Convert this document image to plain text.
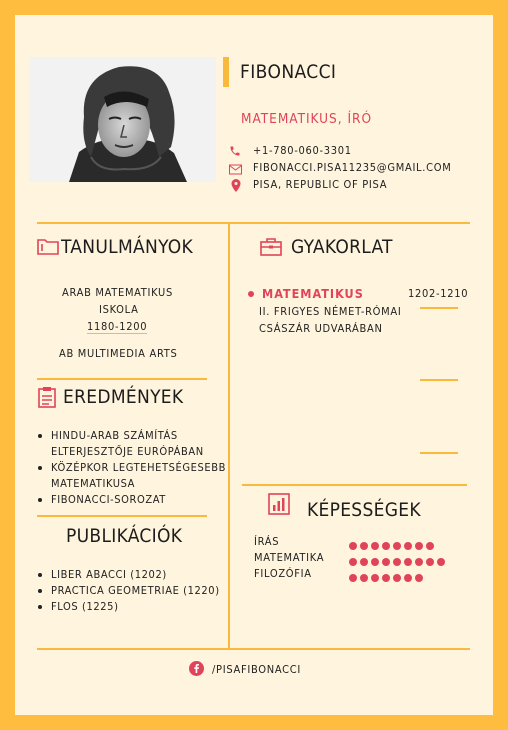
FIBONACCI
MATEMATIKUS, ÍRÓ
+1-780-060-3301
FIBONACCI.PISA11235@GMAIL.COM
PISA, REPUBLIC OF PISA
TANULMÁNYOK
ARAB MATEMATIKUS
ISKOLA
1180-1200
AB MULTIMEDIA ARTS
EREDMÉNYEK
HINDU-ARAB SZÁMÍTÁS ELTERJESZTŐJE EURÓPÁBAN
KÖZÉPKOR LEGTEHETSÉGESEBB MATEMATIKUSA
FIBONACCI-SOROZAT
PUBLIKÁCIÓK
LIBER ABACCI (1202)
PRACTICA GEOMETRIAE (1220)
FLOS (1225)
GYAKORLAT
MATEMATIKUS	1202-1210
II. FRIGYES NÉMET-RÓMAI
CSÁSZÁR UDVARÁBAN
KÉPESSÉGEK
ÍRÁS
MATEMATIKA
FILOZÓFIA
/PISAFIBONACCI
